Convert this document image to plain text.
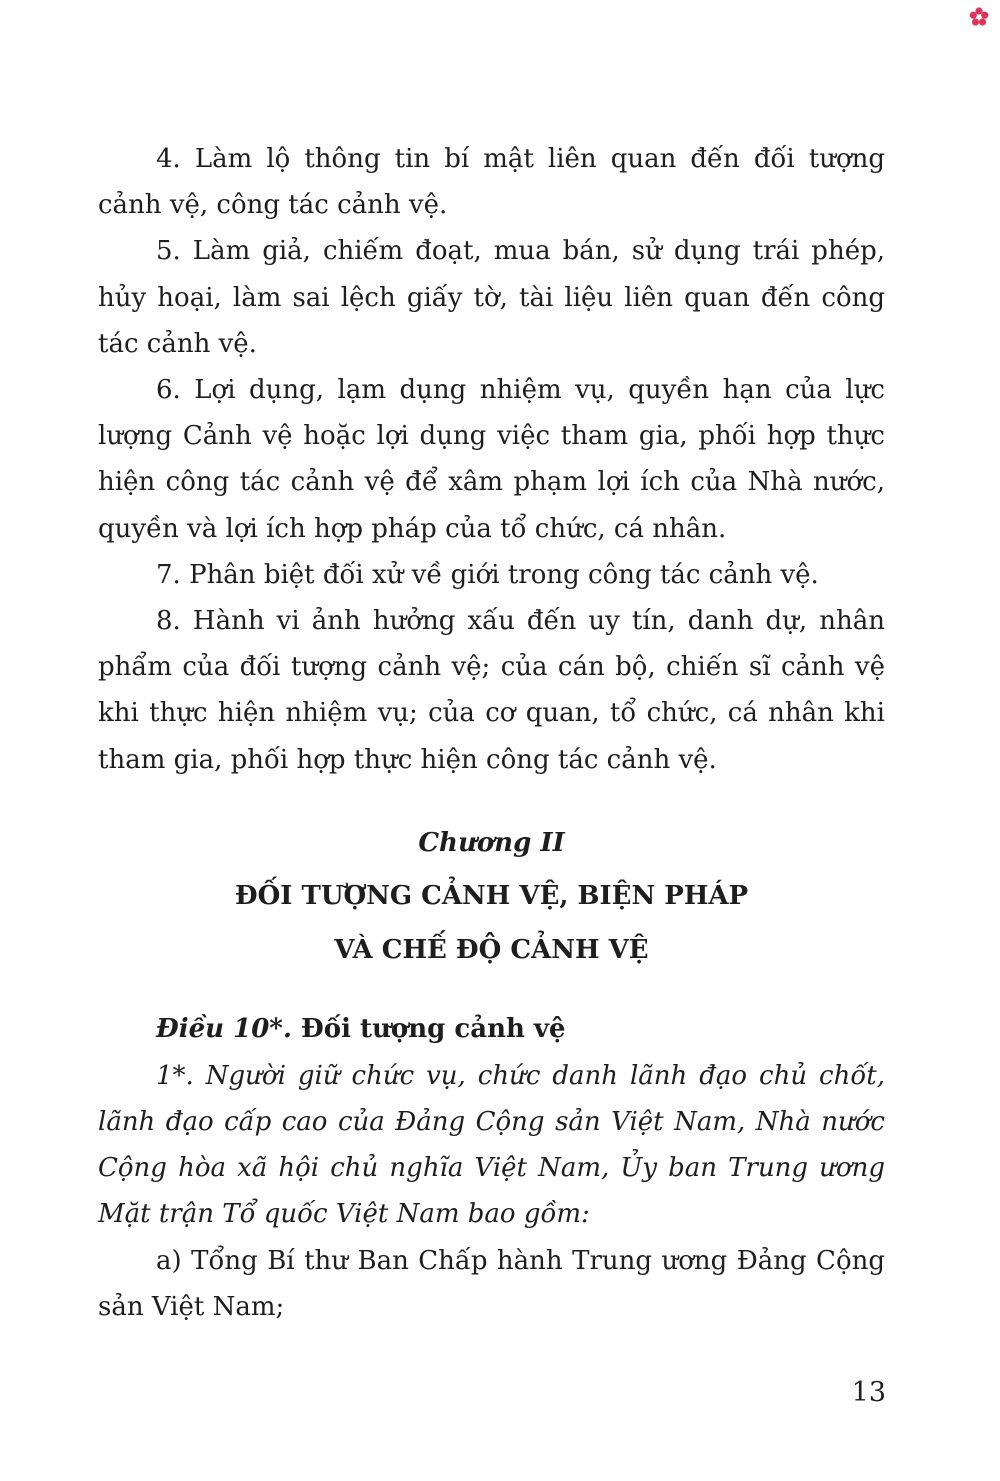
4. Làm lộ thông tin bí mật liên quan đến đối tượng cảnh vệ, công tác cảnh vệ.

5. Làm giả, chiếm đoạt, mua bán, sử dụng trái phép, hủy hoại, làm sai lệch giấy tờ, tài liệu liên quan đến công tác cảnh vệ.

6. Lợi dụng, lạm dụng nhiệm vụ, quyền hạn của lực lượng Cảnh vệ hoặc lợi dụng việc tham gia, phối hợp thực hiện công tác cảnh vệ để xâm phạm lợi ích của Nhà nước, quyền và lợi ích hợp pháp của tổ chức, cá nhân.

7. Phân biệt đối xử về giới trong công tác cảnh vệ.

8. Hành vi ảnh hưởng xấu đến uy tín, danh dự, nhân phẩm của đối tượng cảnh vệ; của cán bộ, chiến sĩ cảnh vệ khi thực hiện nhiệm vụ; của cơ quan, tổ chức, cá nhân khi tham gia, phối hợp thực hiện công tác cảnh vệ.

Chương II
ĐỐI TƯỢNG CẢNH VỆ, BIỆN PHÁP
VÀ CHẾ ĐỘ CẢNH VỆ
Điều 10*. Đối tượng cảnh vệ

1*. Người giữ chức vụ, chức danh lãnh đạo chủ chốt, lãnh đạo cấp cao của Đảng Cộng sản Việt Nam, Nhà nước Cộng hòa xã hội chủ nghĩa Việt Nam, Ủy ban Trung ương Mặt trận Tổ quốc Việt Nam bao gồm:

a) Tổng Bí thư Ban Chấp hành Trung ương Đảng Cộng sản Việt Nam;

13
